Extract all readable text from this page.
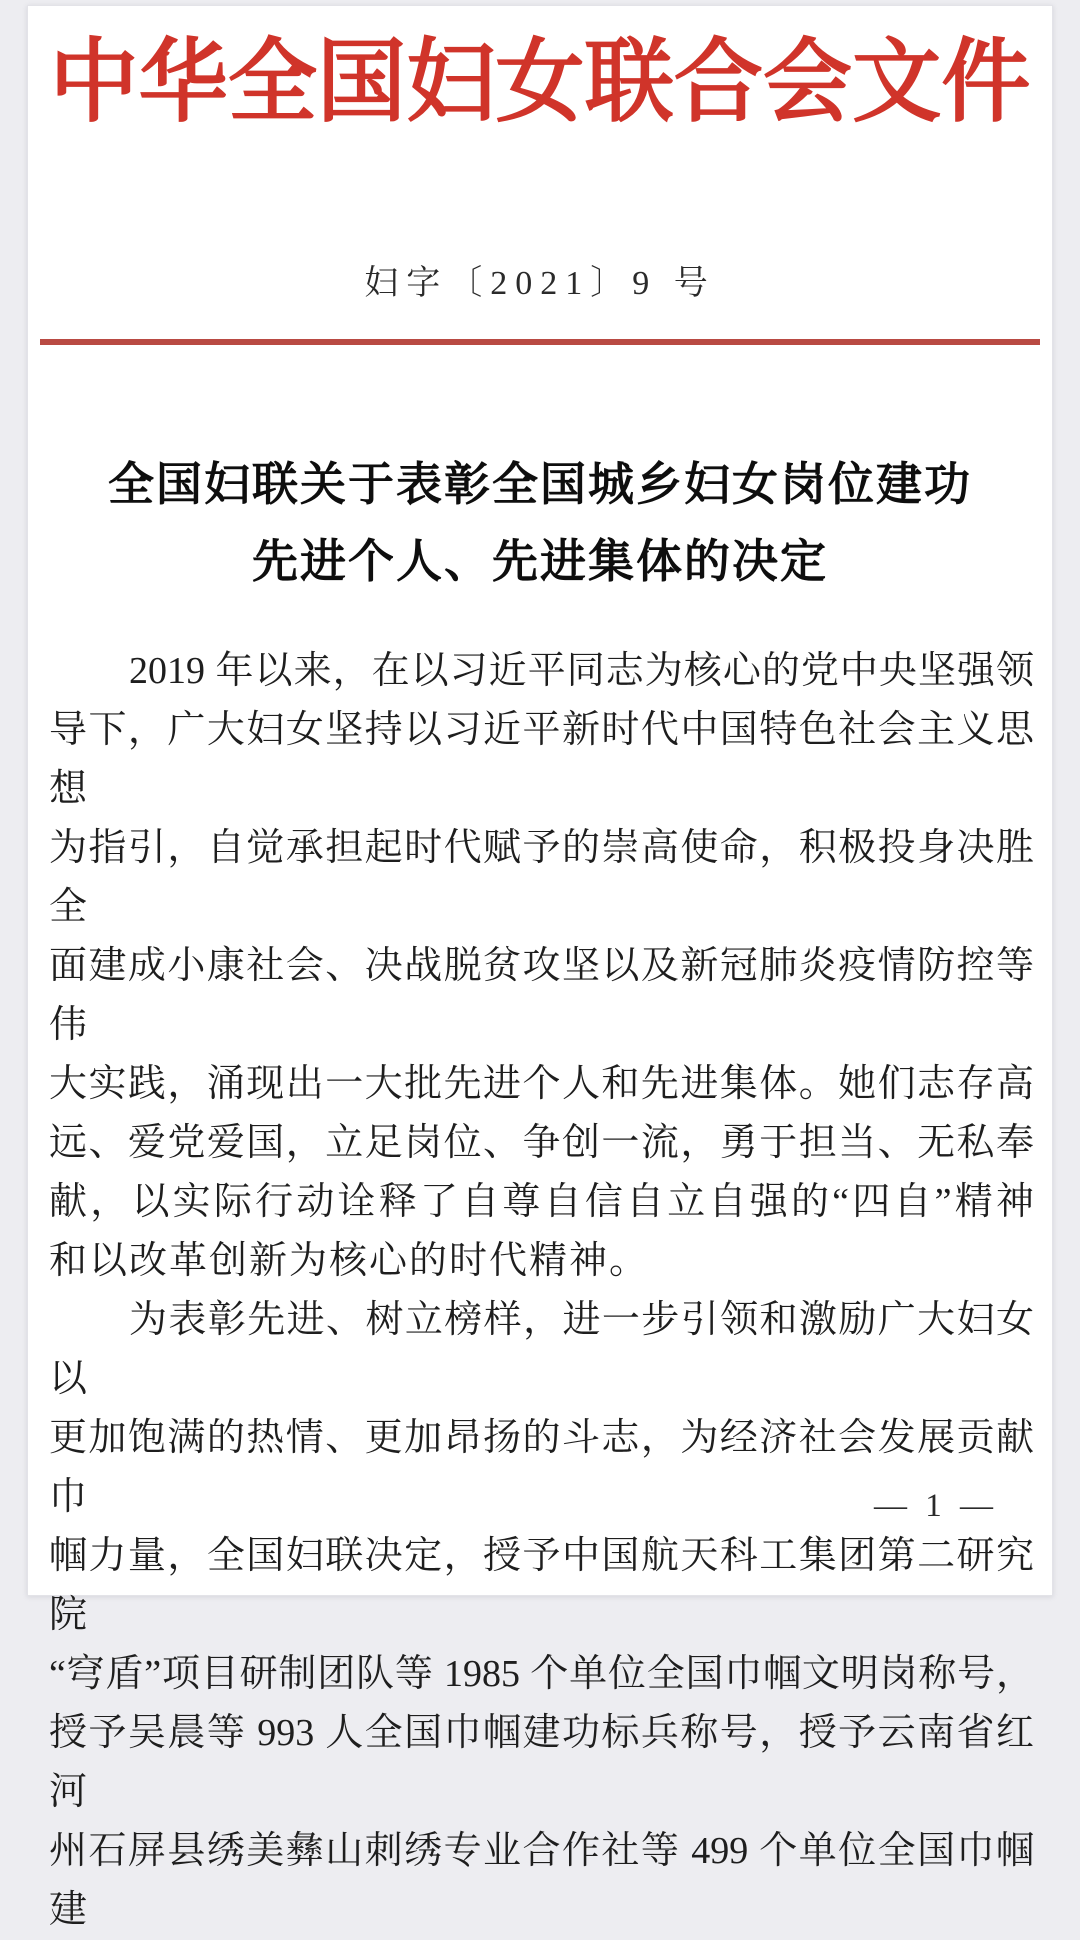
中华全国妇女联合会文件
妇字〔2021〕9 号
全国妇联关于表彰全国城乡妇女岗位建功
先进个人、先进集体的决定
2019 年以来，在以习近平同志为核心的党中央坚强领
导下，广大妇女坚持以习近平新时代中国特色社会主义思想
为指引，自觉承担起时代赋予的崇高使命，积极投身决胜全
面建成小康社会、决战脱贫攻坚以及新冠肺炎疫情防控等伟
大实践，涌现出一大批先进个人和先进集体。她们志存高
远、爱党爱国，立足岗位、争创一流，勇于担当、无私奉
献，以实际行动诠释了自尊自信自立自强的“四自”精神
和以改革创新为核心的时代精神。
为表彰先进、树立榜样，进一步引领和激励广大妇女以
更加饱满的热情、更加昂扬的斗志，为经济社会发展贡献巾
帼力量，全国妇联决定，授予中国航天科工集团第二研究院
“穹盾”项目研制团队等 1985 个单位全国巾帼文明岗称号，
授予吴晨等 993 人全国巾帼建功标兵称号，授予云南省红河
州石屏县绣美彝山刺绣专业合作社等 499 个单位全国巾帼建
— 1 —
